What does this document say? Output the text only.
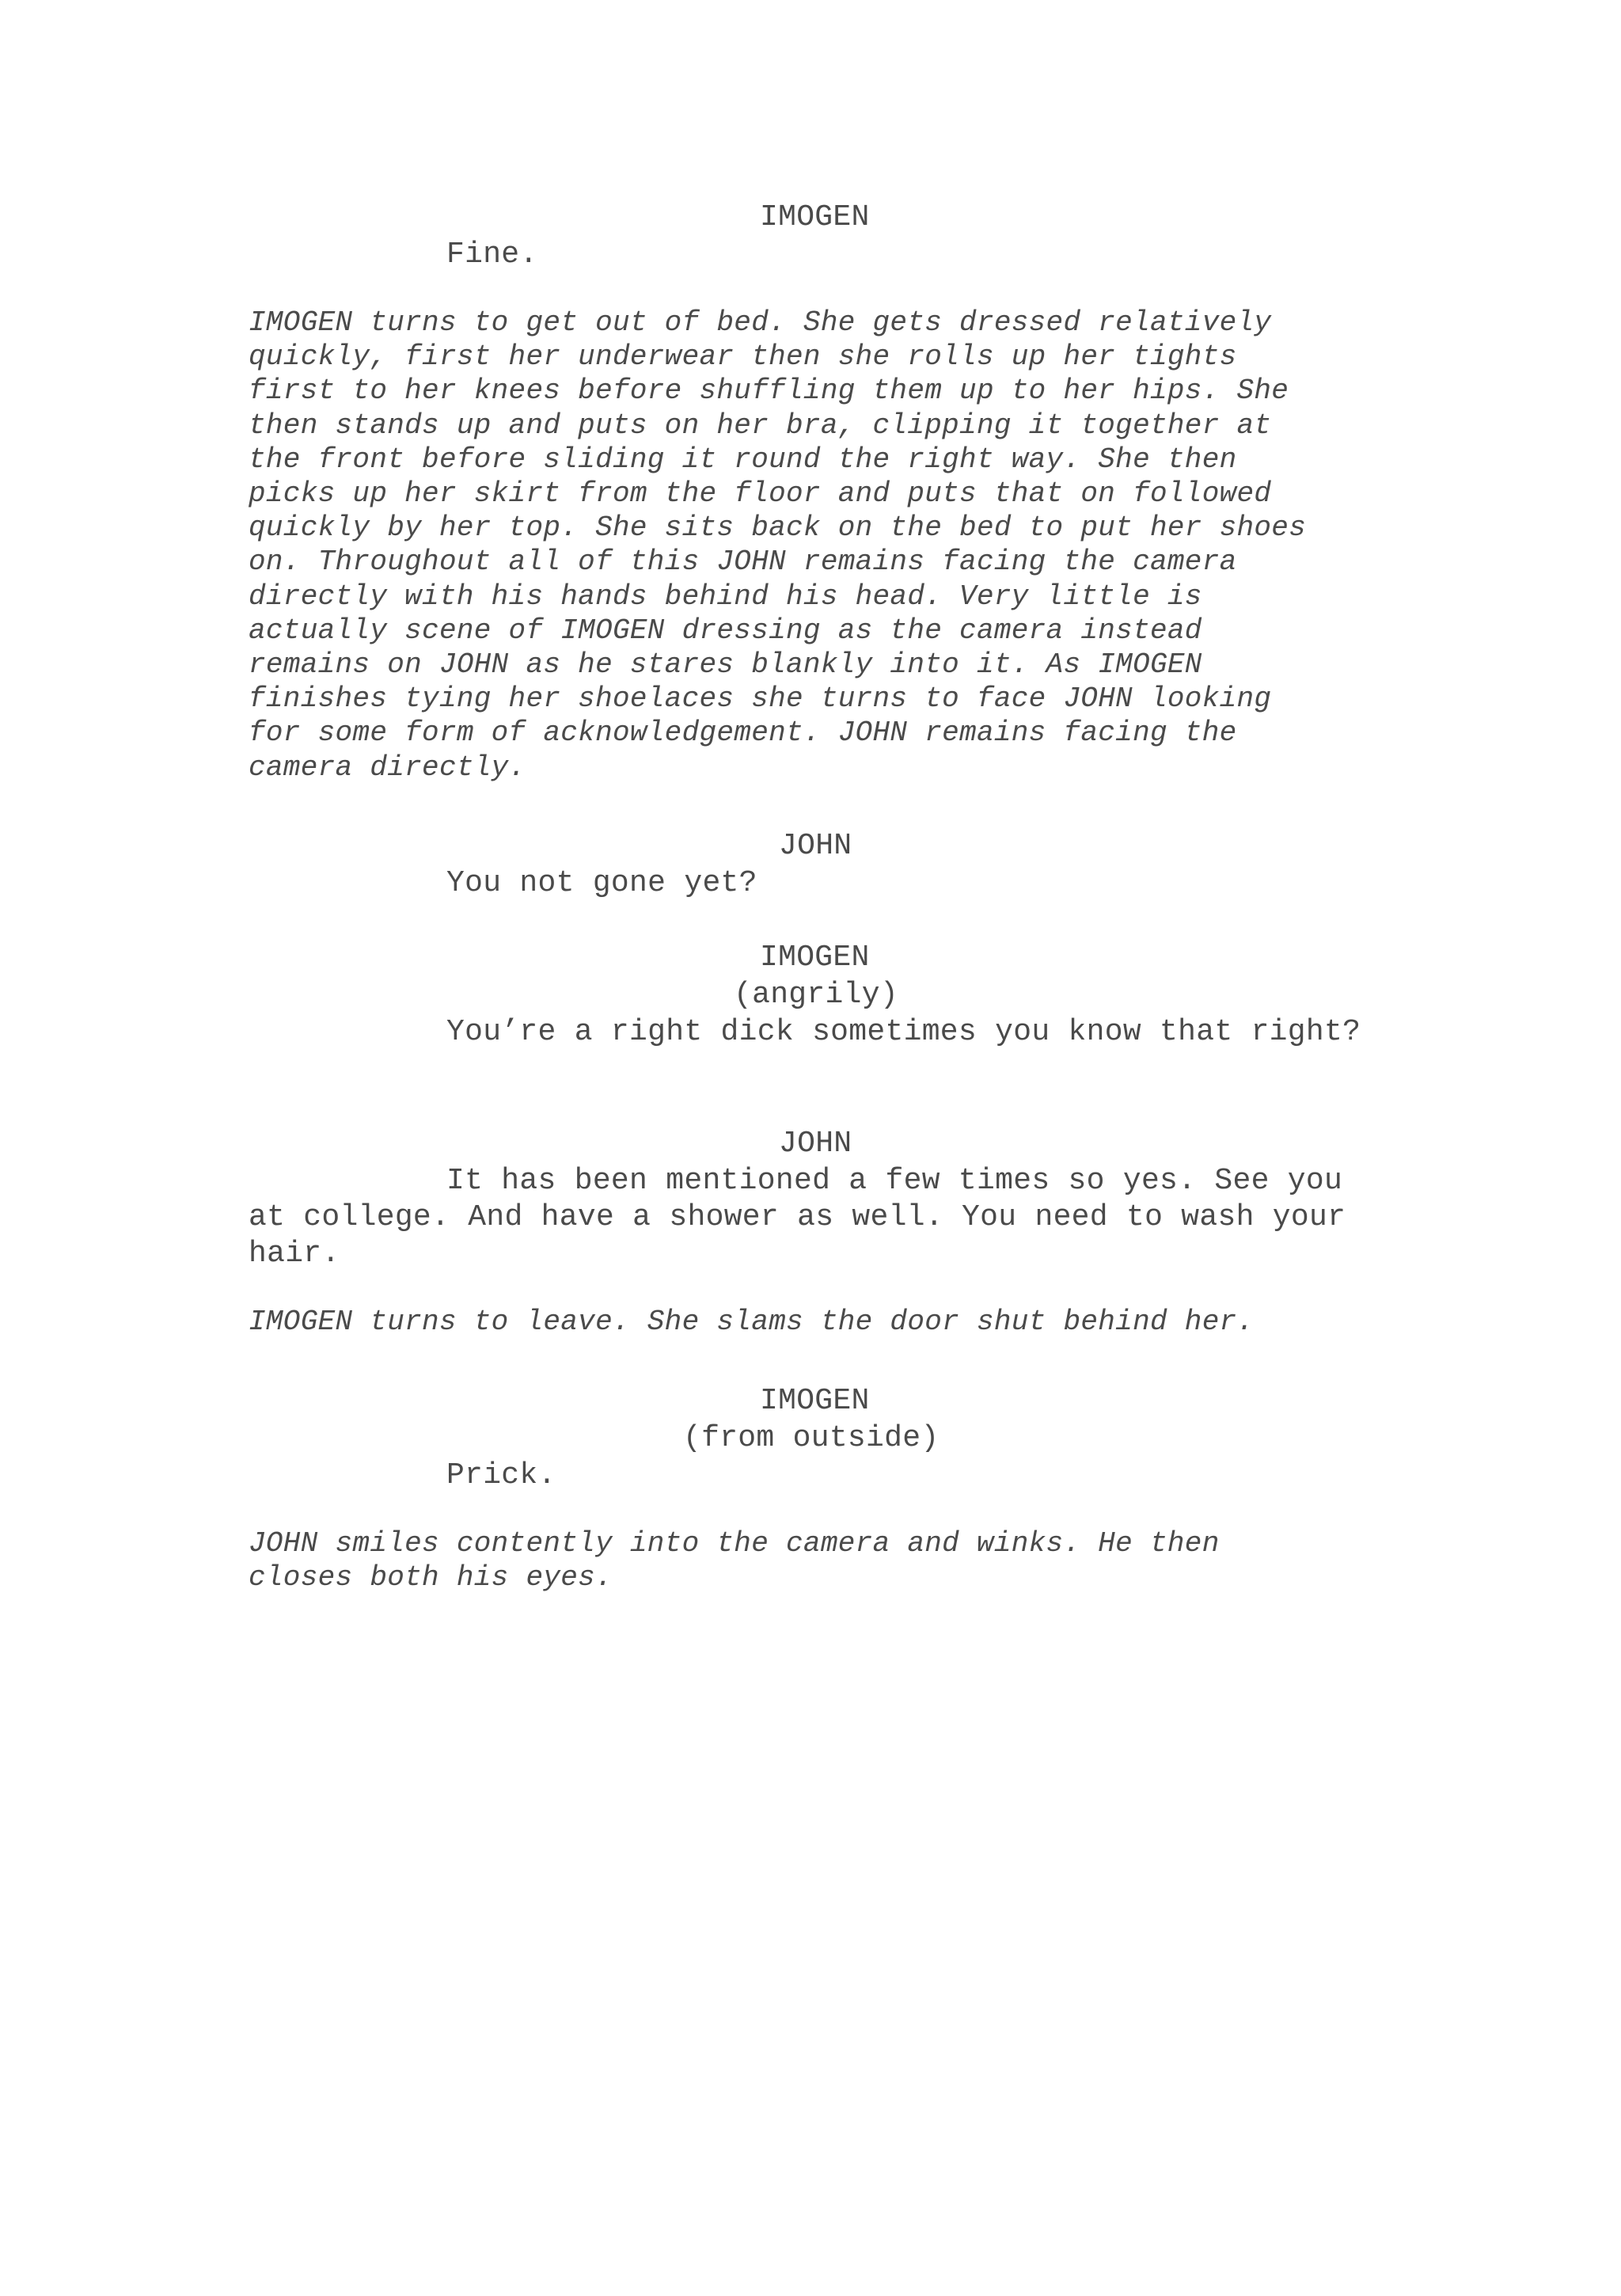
IMOGEN
Fine.
IMOGEN turns to get out of bed. She gets dressed relatively
quickly, first her underwear then she rolls up her tights
first to her knees before shuffling them up to her hips. She
then stands up and puts on her bra, clipping it together at
the front before sliding it round the right way. She then
picks up her skirt from the floor and puts that on followed
quickly by her top. She sits back on the bed to put her shoes
on. Throughout all of this JOHN remains facing the camera
directly with his hands behind his head. Very little is
actually scene of IMOGEN dressing as the camera instead
remains on JOHN as he stares blankly into it. As IMOGEN
finishes tying her shoelaces she turns to face JOHN looking
for some form of acknowledgement. JOHN remains facing the
camera directly.
JOHN
You not gone yet?
IMOGEN
(angrily)
You’re a right dick sometimes you know that right?
JOHN
It has been mentioned a few times so yes. See you at college. And have a shower as well. You need to wash your hair.
IMOGEN turns to leave. She slams the door shut behind her.
IMOGEN
(from outside)
Prick.
JOHN smiles contently into the camera and winks. He then
closes both his eyes.
